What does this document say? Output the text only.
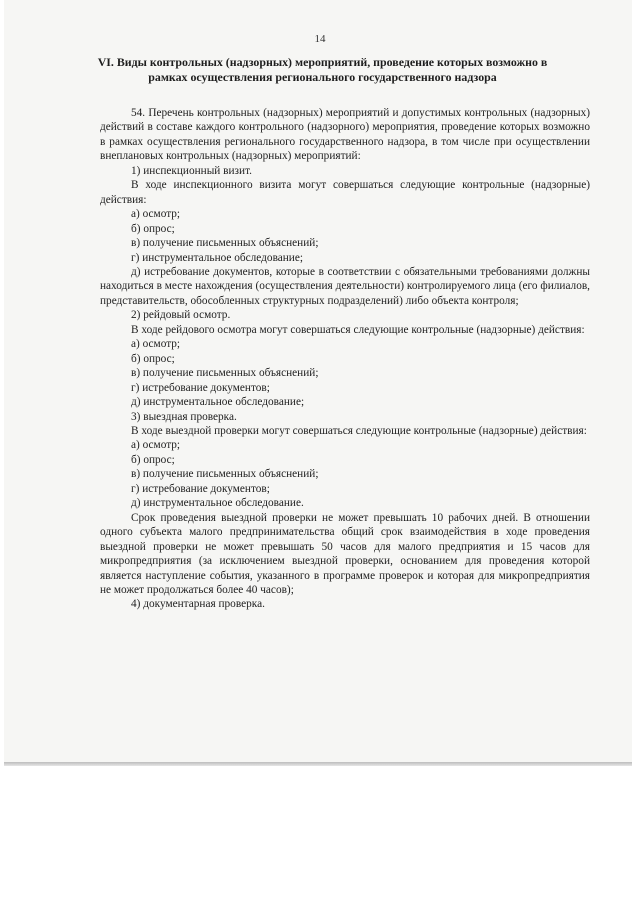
14
VI. Виды контрольных (надзорных) мероприятий, проведение которых возможно в рамках осуществления регионального государственного надзора

54. Перечень контрольных (надзорных) мероприятий и допустимых контрольных (надзорных) действий в составе каждого контрольного (надзорного) мероприятия, проведение которых возможно в рамках осуществления регионального государственного надзора, в том числе при осуществлении внеплановых контрольных (надзорных) мероприятий:

1) инспекционный визит.

В ходе инспекционного визита могут совершаться следующие контрольные (надзорные) действия:

а) осмотр;

б) опрос;

в) получение письменных объяснений;

г) инструментальное обследование;

д) истребование документов, которые в соответствии с обязательными требованиями должны находиться в месте нахождения (осуществления деятельности) контролируемого лица (его филиалов, представительств, обособленных структурных подразделений) либо объекта контроля;

2) рейдовый осмотр.

В ходе рейдового осмотра могут совершаться следующие контрольные (надзорные) действия:

а) осмотр;

б) опрос;

в) получение письменных объяснений;

г) истребование документов;

д) инструментальное обследование;

3) выездная проверка.

В ходе выездной проверки могут совершаться следующие контрольные (надзорные) действия:

а) осмотр;

б) опрос;

в) получение письменных объяснений;

г) истребование документов;

д) инструментальное обследование.

Срок проведения выездной проверки не может превышать 10 рабочих дней. В отношении одного субъекта малого предпринимательства общий срок взаимодействия в ходе проведения выездной проверки не может превышать 50 часов для малого предприятия и 15 часов для микропредприятия (за исключением выездной проверки, основанием для проведения которой является наступление события, указанного в программе проверок и которая для микропредприятия не может продолжаться более 40 часов);

4) документарная проверка.
